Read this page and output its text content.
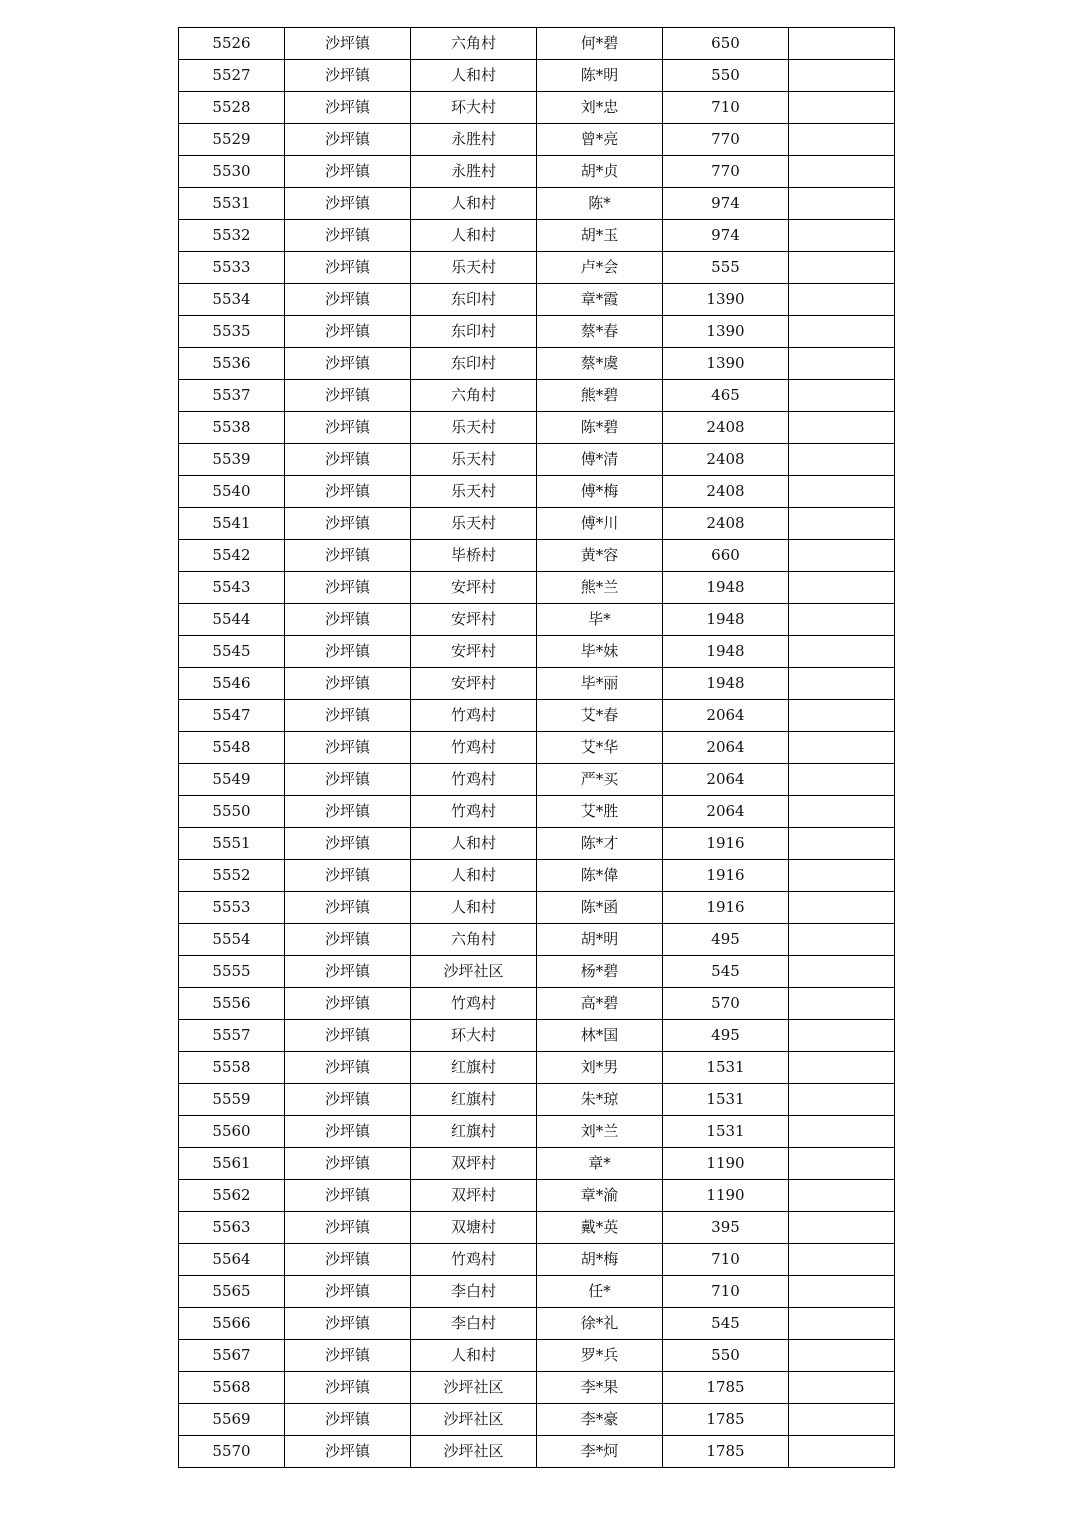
5526	沙坪镇	六角村	何*碧	650	
5527	沙坪镇	人和村	陈*明	550	
5528	沙坪镇	环大村	刘*忠	710	
5529	沙坪镇	永胜村	曾*亮	770	
5530	沙坪镇	永胜村	胡*贞	770	
5531	沙坪镇	人和村	陈*	974	
5532	沙坪镇	人和村	胡*玉	974	
5533	沙坪镇	乐天村	卢*会	555	
5534	沙坪镇	东印村	章*霞	1390	
5535	沙坪镇	东印村	蔡*春	1390	
5536	沙坪镇	东印村	蔡*虞	1390	
5537	沙坪镇	六角村	熊*碧	465	
5538	沙坪镇	乐天村	陈*碧	2408	
5539	沙坪镇	乐天村	傅*清	2408	
5540	沙坪镇	乐天村	傅*梅	2408	
5541	沙坪镇	乐天村	傅*川	2408	
5542	沙坪镇	毕桥村	黄*容	660	
5543	沙坪镇	安坪村	熊*兰	1948	
5544	沙坪镇	安坪村	毕*	1948	
5545	沙坪镇	安坪村	毕*妹	1948	
5546	沙坪镇	安坪村	毕*丽	1948	
5547	沙坪镇	竹鸡村	艾*春	2064	
5548	沙坪镇	竹鸡村	艾*华	2064	
5549	沙坪镇	竹鸡村	严*买	2064	
5550	沙坪镇	竹鸡村	艾*胜	2064	
5551	沙坪镇	人和村	陈*才	1916	
5552	沙坪镇	人和村	陈*偉	1916	
5553	沙坪镇	人和村	陈*函	1916	
5554	沙坪镇	六角村	胡*明	495	
5555	沙坪镇	沙坪社区	杨*碧	545	
5556	沙坪镇	竹鸡村	高*碧	570	
5557	沙坪镇	环大村	林*国	495	
5558	沙坪镇	红旗村	刘*男	1531	
5559	沙坪镇	红旗村	朱*琼	1531	
5560	沙坪镇	红旗村	刘*兰	1531	
5561	沙坪镇	双坪村	章*	1190	
5562	沙坪镇	双坪村	章*渝	1190	
5563	沙坪镇	双塘村	戴*英	395	
5564	沙坪镇	竹鸡村	胡*梅	710	
5565	沙坪镇	李白村	任*	710	
5566	沙坪镇	李白村	徐*礼	545	
5567	沙坪镇	人和村	罗*兵	550	
5568	沙坪镇	沙坪社区	李*果	1785	
5569	沙坪镇	沙坪社区	李*豪	1785	
5570	沙坪镇	沙坪社区	李*炣	1785	
